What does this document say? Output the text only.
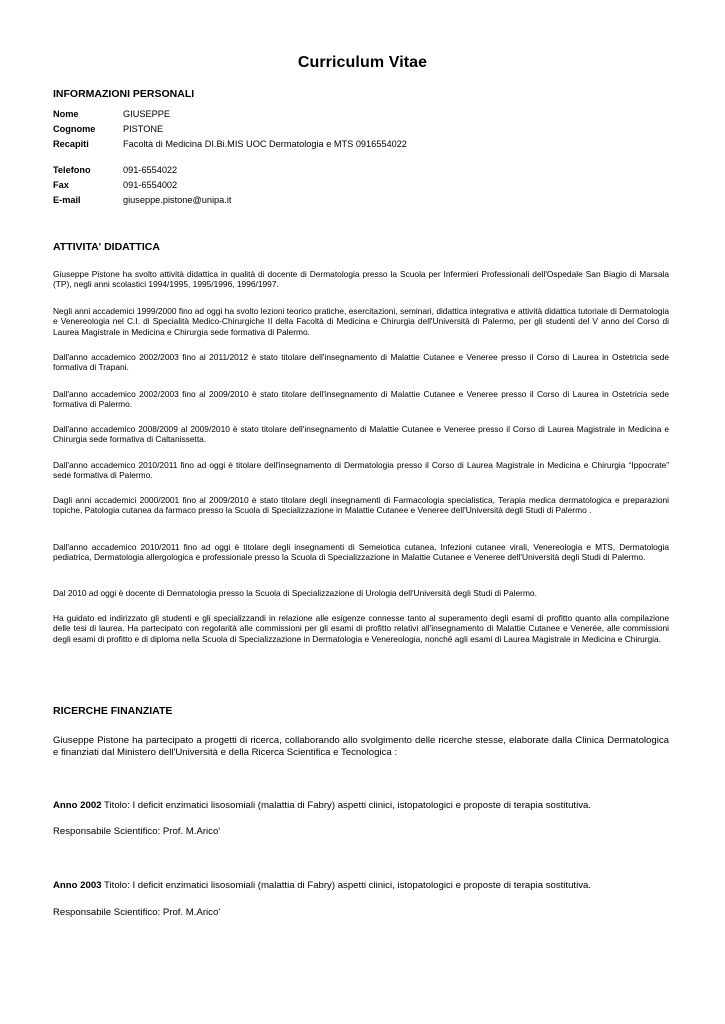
Curriculum Vitae
INFORMAZIONI PERSONALI
Nome	GIUSEPPE
Cognome	PISTONE
Recapiti	Facoltà di Medicina DI.Bi.MIS UOC Dermatologia e MTS 0916554022
Telefono	091-6554022
Fax	091-6554002
E-mail	giuseppe.pistone@unipa.it
ATTIVITA' DIDATTICA
Giuseppe Pistone ha svolto attività didattica in qualità di docente di Dermatologia presso la Scuola per Infermieri Professionali dell'Ospedale San Biagio di Marsala (TP), negli anni scolastici 1994/1995, 1995/1996, 1996/1997.
Negli anni accademici 1999/2000 fino ad oggi ha svolto lezioni teorico pratiche, esercitazioni, seminari, didattica integrativa e attività didattica tutoriale di Dermatologia e Venereologia nel C.I. di Specialità Medico-Chirurgiche II della Facoltà di Medicina e Chirurgia dell'Università di Palermo, per gli studenti del V anno del Corso di Laurea Magistrale in Medicina e Chirurgia sede formativa di Palermo.
Dall'anno accademico 2002/2003 fino al 2011/2012 è stato titolare dell'insegnamento di Malattie Cutanee e Veneree presso il Corso di Laurea in Ostetricia sede formativa di Trapani.
Dall'anno accademico 2002/2003 fino al 2009/2010 è stato titolare dell'insegnamento di Malattie Cutanee e Veneree presso il Corso di Laurea in Ostetricia sede formativa di Palermo.
Dall'anno accademico 2008/2009 al 2009/2010 è stato titolare dell'insegnamento di Malattie Cutanee e Veneree presso il Corso di Laurea Magistrale in Medicina e Chirurgia sede formativa di Caltanissetta.
Dall'anno accademico 2010/2011 fino ad oggi è titolare dell'insegnamento di Dermatologia presso il Corso di Laurea Magistrale in Medicina e Chirurgia “Ippocrate” sede formativa di Palermo.
Dagli anni accademici 2000/2001 fino al 2009/2010 è stato titolare degli insegnamenti di Farmacologia specialistica, Terapia medica dermatologica e preparazioni topiche, Patologia cutanea da farmaco presso la Scuola di Specializzazione in Malattie Cutanee e Veneree dell'Università degli Studi di Palermo .
Dall'anno accademico 2010/2011 fino ad oggi è titolare degli insegnamenti di Semeiotica cutanea, Infezioni cutanee virali, Venereologia e MTS, Dermatologia pediatrica, Dermatologia allergologica e professionale presso la Scuola di Specializzazione in Malattie Cutanee e Veneree dell'Università degli Studi di Palermo.
Dal 2010 ad oggi è docente di Dermatologia presso la Scuola di Specializzazione di Urologia dell'Università degli Studi di Palermo.
Ha guidato ed indirizzato gli studenti e gli specializzandi in relazione alle esigenze connesse tanto al superamento degli esami di profitto quanto alla compilazione delle tesi di laurea. Ha partecipato con regolarità alle commissioni per gli esami di profitto relativi all'insegnamento di Malattie Cutanee e Venerée, alle commissioni degli esami di profitto e di diploma nella Scuola di Specializzazione in Dermatologia e Venereologia, nonché agli esami di Laurea Magistrale in Medicina e Chirurgia.
RICERCHE FINANZIATE
Giuseppe Pistone ha partecipato a progetti di ricerca, collaborando allo svolgimento delle ricerche stesse, elaborate dalla Clinica Dermatologica e finanziati dal Ministero dell'Università e della Ricerca Scientifica e Tecnologica :
Anno 2002 Titolo: I deficit enzimatici lisosomiali (malattia di Fabry) aspetti clinici, istopatologici e proposte di terapia sostitutiva.
Responsabile Scientifico: Prof. M.Arico'
Anno 2003 Titolo: I deficit enzimatici lisosomiali (malattia di Fabry) aspetti clinici, istopatologici e proposte di terapia sostitutiva.
Responsabile Scientifico: Prof. M.Arico'
